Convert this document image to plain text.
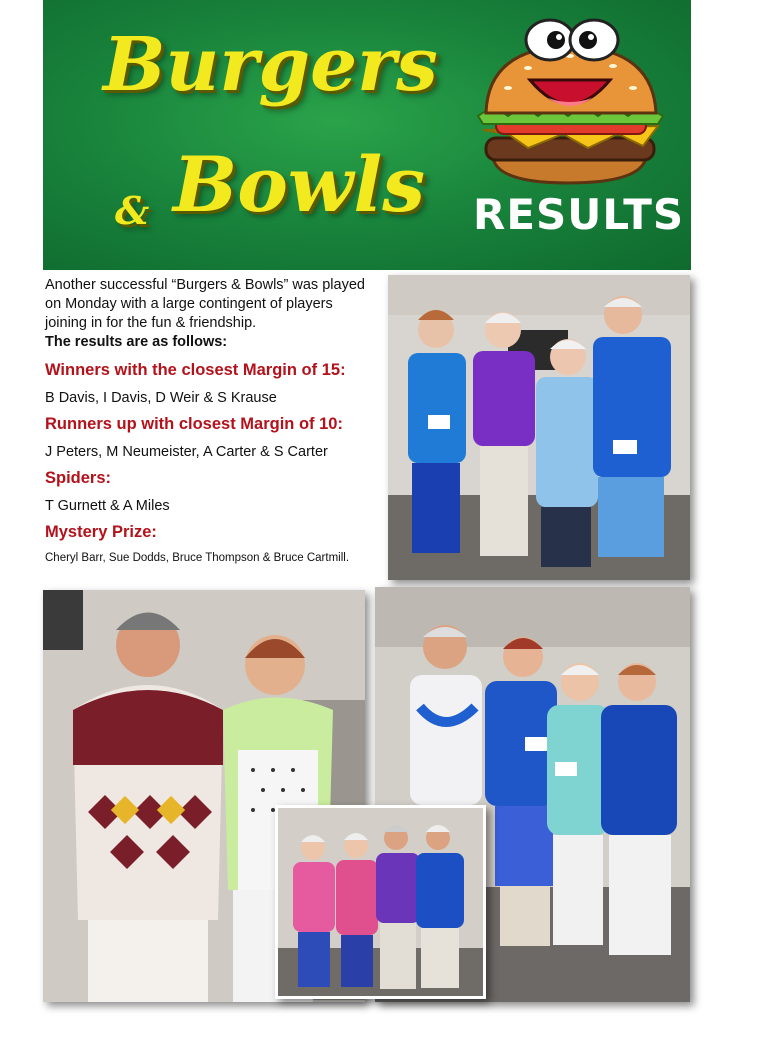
Burgers
& Bowls RESULTS

Another successful “Burgers & Bowls” was played on Monday with a large contingent of players joining in for the fun & friendship.

The results are as follows:

Winners with the closest Margin of 15:

B Davis, I Davis, D Weir & S Krause

Runners up with closest Margin of 10:

J Peters, M Neumeister, A Carter & S Carter

Spiders:

T Gurnett & A Miles

Mystery Prize:

Cheryl Barr, Sue Dodds, Bruce Thompson & Bruce Cartmill.
